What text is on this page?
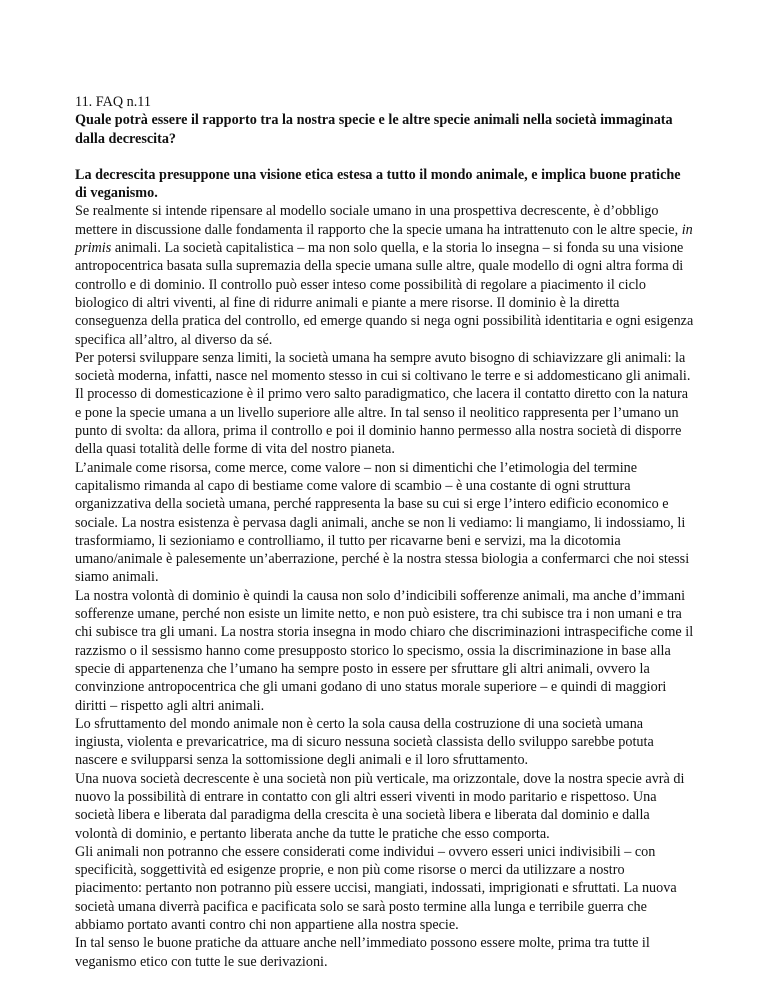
11. FAQ n.11

Quale potrà essere il rapporto tra la nostra specie e le altre specie animali nella società immaginata dalla decrescita?

La decrescita presuppone una visione etica estesa a tutto il mondo animale, e implica buone pratiche di veganismo.

Se realmente si intende ripensare al modello sociale umano in una prospettiva decrescente, è d’obbligo mettere in discussione dalle fondamenta il rapporto che la specie umana ha intrattenuto con le altre specie, in primis animali. La società capitalistica – ma non solo quella, e la storia lo insegna – si fonda su una visione antropocentrica basata sulla supremazia della specie umana sulle altre, quale modello di ogni altra forma di controllo e di dominio. Il controllo può esser inteso come possibilità di regolare a piacimento il ciclo biologico di altri viventi, al fine di ridurre animali e piante a mere risorse. Il dominio è la diretta conseguenza della pratica del controllo, ed emerge quando si nega ogni possibilità identitaria e ogni esigenza specifica all’altro, al diverso da sé.

Per potersi sviluppare senza limiti, la società umana ha sempre avuto bisogno di schiavizzare gli animali: la società moderna, infatti, nasce nel momento stesso in cui si coltivano le terre e si addomesticano gli animali. Il processo di domesticazione è il primo vero salto paradigmatico, che lacera il contatto diretto con la natura e pone la specie umana a un livello superiore alle altre. In tal senso il neolitico rappresenta per l’umano un punto di svolta: da allora, prima il controllo e poi il dominio hanno permesso alla nostra società di disporre della quasi totalità delle forme di vita del nostro pianeta.

L’animale come risorsa, come merce, come valore – non si dimentichi che l’etimologia del termine capitalismo rimanda al capo di bestiame come valore di scambio – è una costante di ogni struttura organizzativa della società umana, perché rappresenta la base su cui si erge l’intero edificio economico e sociale. La nostra esistenza è pervasa dagli animali, anche se non li vediamo: li mangiamo, li indossiamo, li trasformiamo, li sezioniamo e controlliamo, il tutto per ricavarne beni e servizi, ma la dicotomia umano/animale è palesemente un’aberrazione, perché è la nostra stessa biologia a confermarci che noi stessi siamo animali.

La nostra volontà di dominio è quindi la causa non solo d’indicibili sofferenze animali, ma anche d’immani sofferenze umane, perché non esiste un limite netto, e non può esistere, tra chi subisce tra i non umani e tra chi subisce tra gli umani. La nostra storia insegna in modo chiaro che discriminazioni intraspecifiche come il razzismo o il sessismo hanno come presupposto storico lo specismo, ossia la discriminazione in base alla specie di appartenenza che l’umano ha sempre posto in essere per sfruttare gli altri animali, ovvero la convinzione antropocentrica che gli umani godano di uno status morale superiore – e quindi di maggiori diritti – rispetto agli altri animali.

Lo sfruttamento del mondo animale non è certo la sola causa della costruzione di una società umana ingiusta, violenta e prevaricatrice, ma di sicuro nessuna società classista dello sviluppo sarebbe potuta nascere e svilupparsi senza la sottomissione degli animali e il loro sfruttamento.

Una nuova società decrescente è una società non più verticale, ma orizzontale, dove la nostra specie avrà di nuovo la possibilità di entrare in contatto con gli altri esseri viventi in modo paritario e rispettoso. Una società libera e liberata dal paradigma della crescita è una società libera e liberata dal dominio e dalla volontà di dominio, e pertanto liberata anche da tutte le pratiche che esso comporta.

Gli animali non potranno che essere considerati come individui – ovvero esseri unici indivisibili – con specificità, soggettività ed esigenze proprie, e non più come risorse o merci da utilizzare a nostro piacimento: pertanto non potranno più essere uccisi, mangiati, indossati, imprigionati e sfruttati. La nuova società umana diverrà pacifica e pacificata solo se sarà posto termine alla lunga e terribile guerra che abbiamo portato avanti contro chi non appartiene alla nostra specie.

In tal senso le buone pratiche da attuare anche nell’immediato possono essere molte, prima tra tutte il veganismo etico con tutte le sue derivazioni.
